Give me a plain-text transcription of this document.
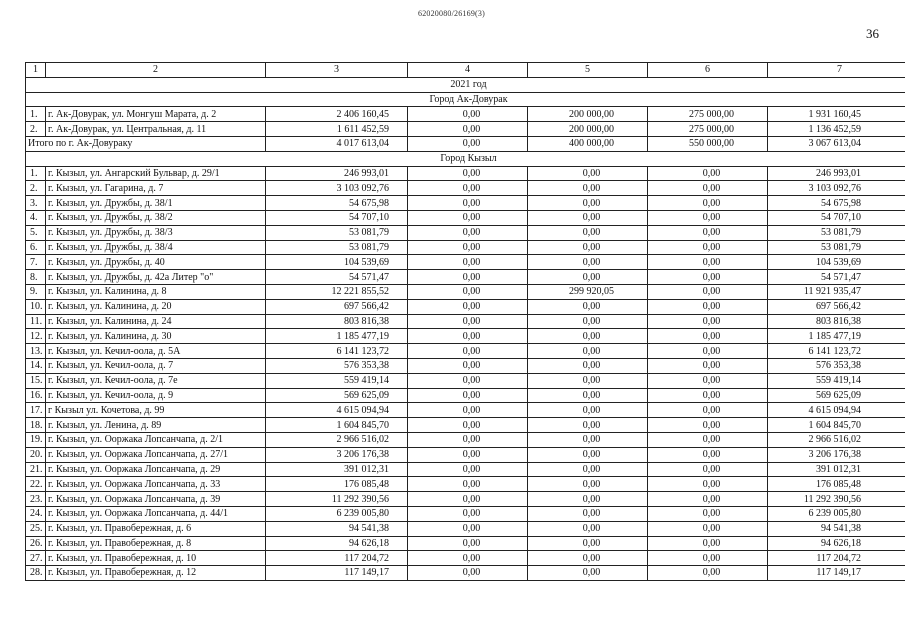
62020080/26169(3)
36
1	2	3	4	5	6	7
2021 год						
Город Ак-Довурак						
1.	г. Ак-Довурак, ул. Монгуш Марата, д. 2	2 406 160,45	0,00	200 000,00	275 000,00	1 931 160,45
2.	г. Ак-Довурак, ул. Центральная, д. 11	1 611 452,59	0,00	200 000,00	275 000,00	1 136 452,59
Итого по г. Ак-Довураку		4 017 613,04	0,00	400 000,00	550 000,00	3 067 613,04
Город Кызыл						
1.	г. Кызыл, ул. Ангарский Бульвар, д. 29/1	246 993,01	0,00	0,00	0,00	246 993,01
2.	г. Кызыл, ул. Гагарина, д. 7	3 103 092,76	0,00	0,00	0,00	3 103 092,76
3.	г. Кызыл, ул. Дружбы, д. 38/1	54 675,98	0,00	0,00	0,00	54 675,98
4.	г. Кызыл, ул. Дружбы, д. 38/2	54 707,10	0,00	0,00	0,00	54 707,10
5.	г. Кызыл, ул. Дружбы, д. 38/3	53 081,79	0,00	0,00	0,00	53 081,79
6.	г. Кызыл, ул. Дружбы, д. 38/4	53 081,79	0,00	0,00	0,00	53 081,79
7.	г. Кызыл, ул. Дружбы, д. 40	104 539,69	0,00	0,00	0,00	104 539,69
8.	г. Кызыл, ул. Дружбы, д. 42а Литер "о"	54 571,47	0,00	0,00	0,00	54 571,47
9.	г. Кызыл, ул. Калинина, д. 8	12 221 855,52	0,00	299 920,05	0,00	11 921 935,47
10.	г. Кызыл, ул. Калинина, д. 20	697 566,42	0,00	0,00	0,00	697 566,42
11.	г. Кызыл, ул. Калинина, д. 24	803 816,38	0,00	0,00	0,00	803 816,38
12.	г. Кызыл, ул. Калинина, д. 30	1 185 477,19	0,00	0,00	0,00	1 185 477,19
13.	г. Кызыл, ул. Кечил-оола, д. 5А	6 141 123,72	0,00	0,00	0,00	6 141 123,72
14.	г. Кызыл, ул. Кечил-оола, д. 7	576 353,38	0,00	0,00	0,00	576 353,38
15.	г. Кызыл, ул. Кечил-оола, д. 7е	559 419,14	0,00	0,00	0,00	559 419,14
16.	г. Кызыл, ул. Кечил-оола, д. 9	569 625,09	0,00	0,00	0,00	569 625,09
17.	г Кызыл ул. Кочетова, д. 99	4 615 094,94	0,00	0,00	0,00	4 615 094,94
18.	г. Кызыл, ул. Ленина, д. 89	1 604 845,70	0,00	0,00	0,00	1 604 845,70
19.	г. Кызыл, ул. Ооржака Лопсанчапа, д. 2/1	2 966 516,02	0,00	0,00	0,00	2 966 516,02
20.	г. Кызыл, ул. Ооржака Лопсанчапа, д. 27/1	3 206 176,38	0,00	0,00	0,00	3 206 176,38
21.	г. Кызыл, ул. Ооржака Лопсанчапа, д. 29	391 012,31	0,00	0,00	0,00	391 012,31
22.	г. Кызыл, ул. Ооржака Лопсанчапа, д. 33	176 085,48	0,00	0,00	0,00	176 085,48
23.	г. Кызыл, ул. Ооржака Лопсанчапа, д. 39	11 292 390,56	0,00	0,00	0,00	11 292 390,56
24.	г. Кызыл, ул. Ооржака Лопсанчапа, д. 44/1	6 239 005,80	0,00	0,00	0,00	6 239 005,80
25.	г. Кызыл, ул. Правобережная, д. 6	94 541,38	0,00	0,00	0,00	94 541,38
26.	г. Кызыл, ул. Правобережная, д. 8	94 626,18	0,00	0,00	0,00	94 626,18
27.	г. Кызыл, ул. Правобережная, д. 10	117 204,72	0,00	0,00	0,00	117 204,72
28.	г. Кызыл, ул. Правобережная, д. 12	117 149,17	0,00	0,00	0,00	117 149,17
